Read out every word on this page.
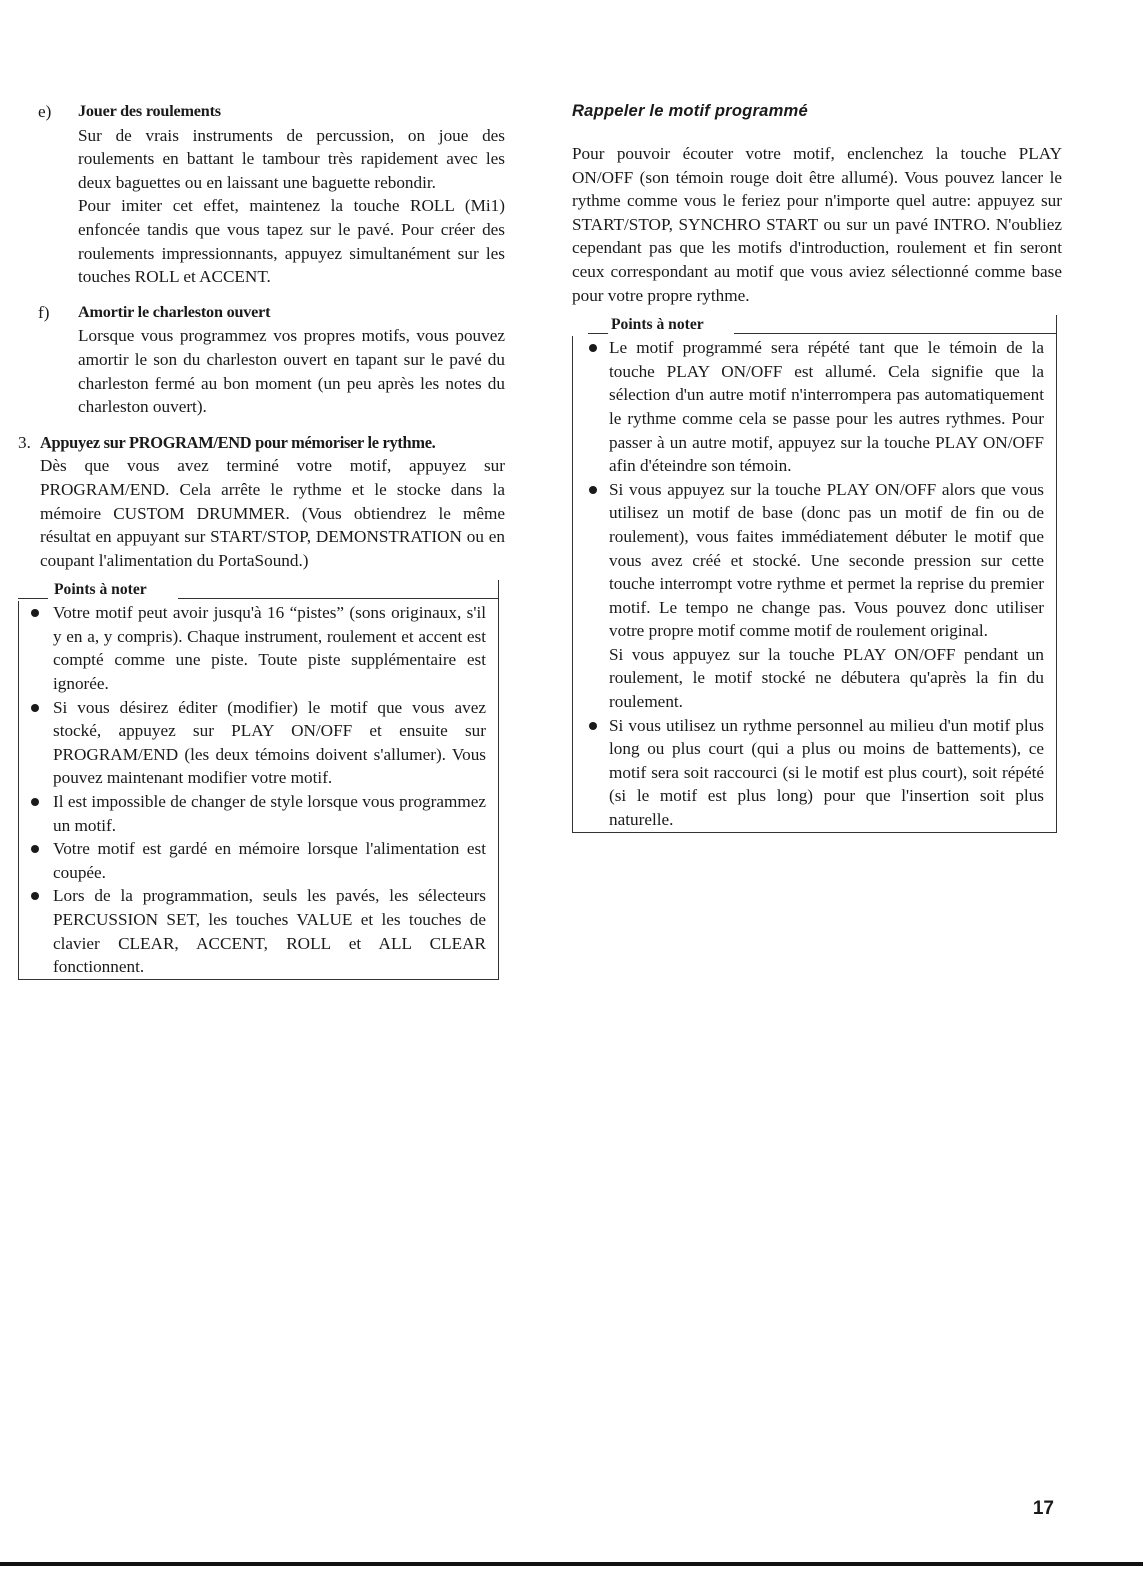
e) Jouer des roulements

Sur de vrais instruments de percussion, on joue des roulements en battant le tambour très rapidement avec les deux baguettes ou en laissant une baguette rebondir.

Pour imiter cet effet, maintenez la touche ROLL (Mi1) enfoncée tandis que vous tapez sur le pavé. Pour créer des roulements impressionnants, appuyez simultanément sur les touches ROLL et ACCENT.

f) Amortir le charleston ouvert

Lorsque vous programmez vos propres motifs, vous pouvez amortir le son du charleston ouvert en tapant sur le pavé du charleston fermé au bon moment (un peu après les notes du charleston ouvert).

3. Appuyez sur PROGRAM/END pour mémoriser le rythme.

Dès que vous avez terminé votre motif, appuyez sur PROGRAM/END. Cela arrête le rythme et le stocke dans la mémoire CUSTOM DRUMMER. (Vous obtiendrez le même résultat en appuyant sur START/STOP, DEMONSTRATION ou en coupant l'alimentation du PortaSound.)

Points à noter

Votre motif peut avoir jusqu'à 16 “pistes” (sons originaux, s'il y en a, y compris). Chaque instrument, roulement et accent est compté comme une piste. Toute piste supplémentaire est ignorée.

Si vous désirez éditer (modifier) le motif que vous avez stocké, appuyez sur PLAY ON/OFF et ensuite sur PROGRAM/END (les deux témoins doivent s'allumer). Vous pouvez maintenant modifier votre motif.

Il est impossible de changer de style lorsque vous programmez un motif.

Votre motif est gardé en mémoire lorsque l'alimentation est coupée.

Lors de la programmation, seuls les pavés, les sélecteurs PERCUSSION SET, les touches VALUE et les touches de clavier CLEAR, ACCENT, ROLL et ALL CLEAR fonctionnent.

Rappeler le motif programmé

Pour pouvoir écouter votre motif, enclenchez la touche PLAY ON/OFF (son témoin rouge doit être allumé). Vous pouvez lancer le rythme comme vous le feriez pour n'importe quel autre: appuyez sur START/STOP, SYNCHRO START ou sur un pavé INTRO. N'oubliez cependant pas que les motifs d'introduction, roulement et fin seront ceux correspondant au motif que vous aviez sélectionné comme base pour votre propre rythme.

Points à noter

Le motif programmé sera répété tant que le témoin de la touche PLAY ON/OFF est allumé. Cela signifie que la sélection d'un autre motif n'interrompera pas automatiquement le rythme comme cela se passe pour les autres rythmes. Pour passer à un autre motif, appuyez sur la touche PLAY ON/OFF afin d'éteindre son témoin.

Si vous appuyez sur la touche PLAY ON/OFF alors que vous utilisez un motif de base (donc pas un motif de fin ou de roulement), vous faites immédiatement débuter le motif que vous avez créé et stocké. Une seconde pression sur cette touche interrompt votre rythme et permet la reprise du premier motif. Le tempo ne change pas. Vous pouvez donc utiliser votre propre motif comme motif de roulement original.

Si vous appuyez sur la touche PLAY ON/OFF pendant un roulement, le motif stocké ne débutera qu'après la fin du roulement.

Si vous utilisez un rythme personnel au milieu d'un motif plus long ou plus court (qui a plus ou moins de battements), ce motif sera soit raccourci (si le motif est plus court), soit répété (si le motif est plus long) pour que l'insertion soit plus naturelle.

17
